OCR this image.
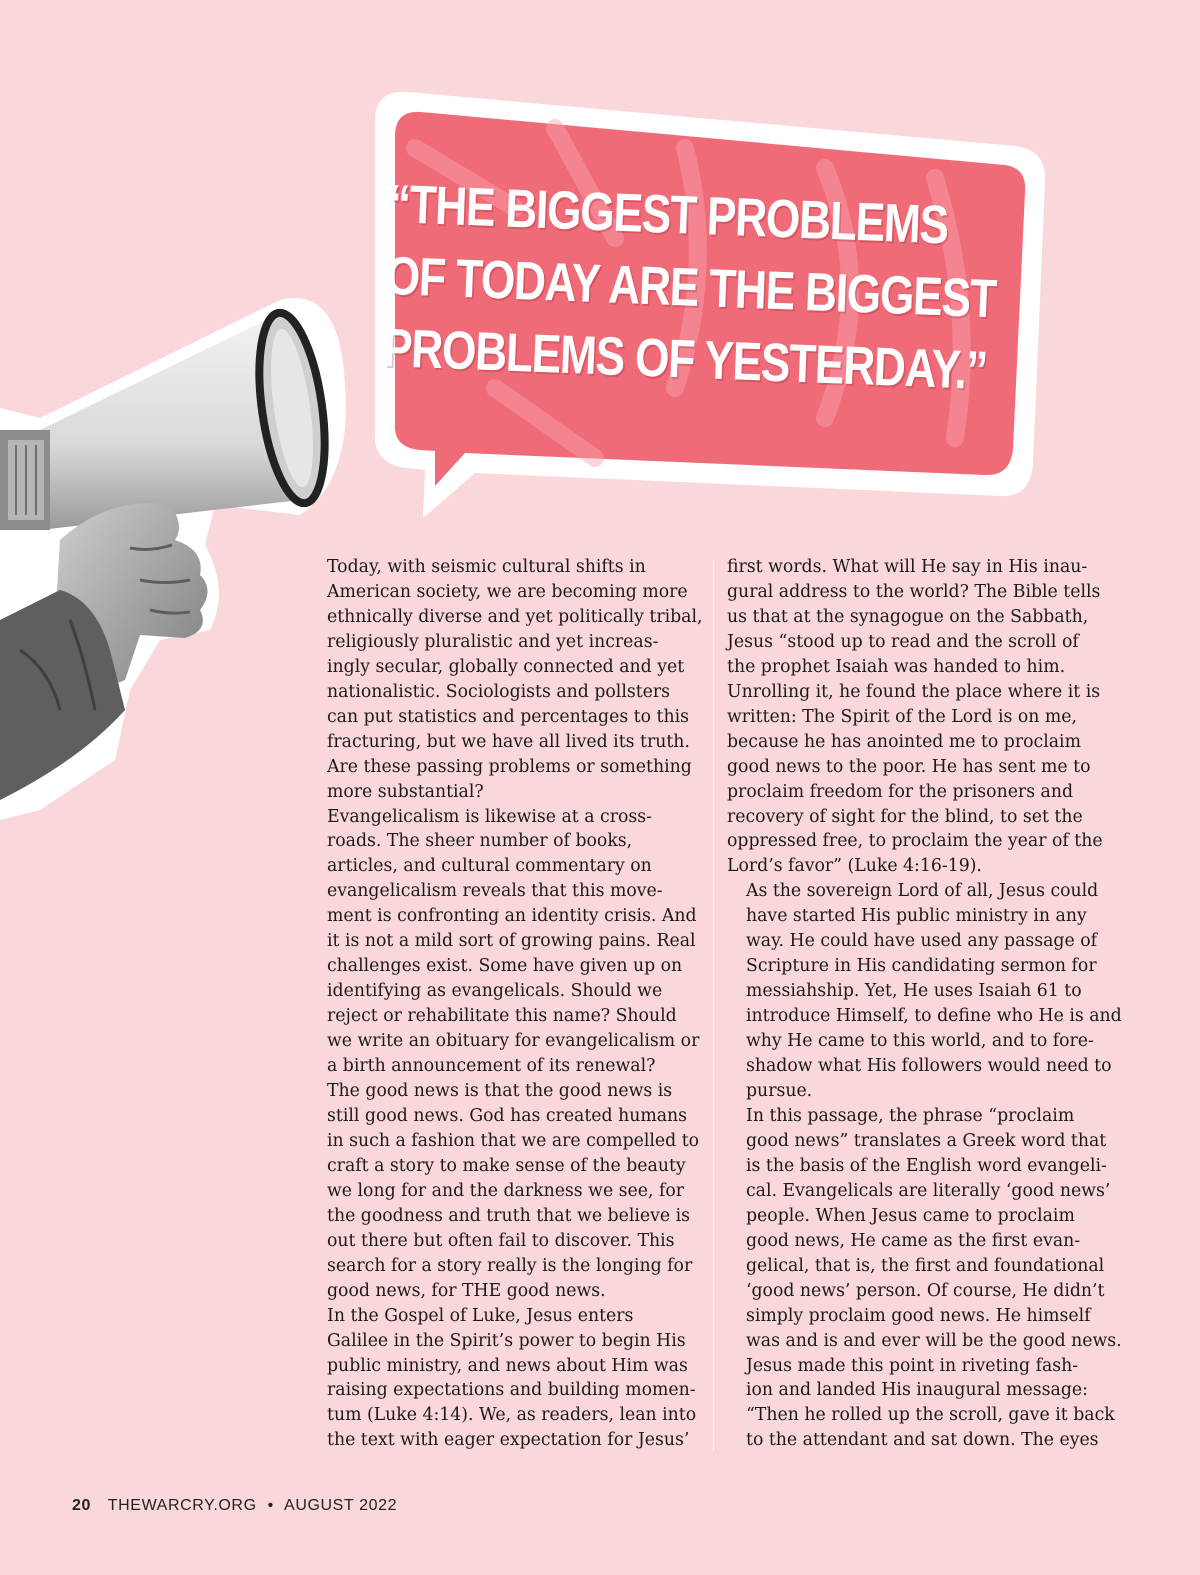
“THE BIGGEST PROBLEMS
OF TODAY ARE THE BIGGEST
PROBLEMS OF YESTERDAY.”

Today, with seismic cultural shifts in
American society, we are becoming more
ethnically diverse and yet politically tribal,
religiously pluralistic and yet increas-
ingly secular, globally connected and yet
nationalistic. Sociologists and pollsters
can put statistics and percentages to this
fracturing, but we have all lived its truth.
Are these passing problems or something
more substantial?

Evangelicalism is likewise at a cross-
roads. The sheer number of books,
articles, and cultural commentary on
evangelicalism reveals that this move-
ment is confronting an identity crisis. And
it is not a mild sort of growing pains. Real
challenges exist. Some have given up on
identifying as evangelicals. Should we
reject or rehabilitate this name? Should
we write an obituary for evangelicalism or
a birth announcement of its renewal?

The good news is that the good news is
still good news. God has created humans
in such a fashion that we are compelled to
craft a story to make sense of the beauty
we long for and the darkness we see, for
the goodness and truth that we believe is
out there but often fail to discover. This
search for a story really is the longing for
good news, for THE good news.

In the Gospel of Luke, Jesus enters
Galilee in the Spirit’s power to begin His
public ministry, and news about Him was
raising expectations and building momen-
tum (Luke 4:14). We, as readers, lean into
the text with eager expectation for Jesus’

first words. What will He say in His inau-
gural address to the world? The Bible tells
us that at the synagogue on the Sabbath,
Jesus “stood up to read and the scroll of
the prophet Isaiah was handed to him.
Unrolling it, he found the place where it is
written: The Spirit of the Lord is on me,
because he has anointed me to proclaim
good news to the poor. He has sent me to
proclaim freedom for the prisoners and
recovery of sight for the blind, to set the
oppressed free, to proclaim the year of the
Lord’s favor” (Luke 4:16-19).

As the sovereign Lord of all, Jesus could
have started His public ministry in any
way. He could have used any passage of
Scripture in His candidating sermon for
messiahship. Yet, He uses Isaiah 61 to
introduce Himself, to define who He is and
why He came to this world, and to fore-
shadow what His followers would need to
pursue.

In this passage, the phrase “proclaim
good news” translates a Greek word that
is the basis of the English word evangeli-
cal. Evangelicals are literally ‘good news’
people. When Jesus came to proclaim
good news, He came as the first evan-
gelical, that is, the first and foundational
‘good news’ person. Of course, He didn’t
simply proclaim good news. He himself
was and is and ever will be the good news.
Jesus made this point in riveting fash-
ion and landed His inaugural message:
“Then he rolled up the scroll, gave it back
to the attendant and sat down. The eyes

20 THEWARCRY.ORG • AUGUST 2022
